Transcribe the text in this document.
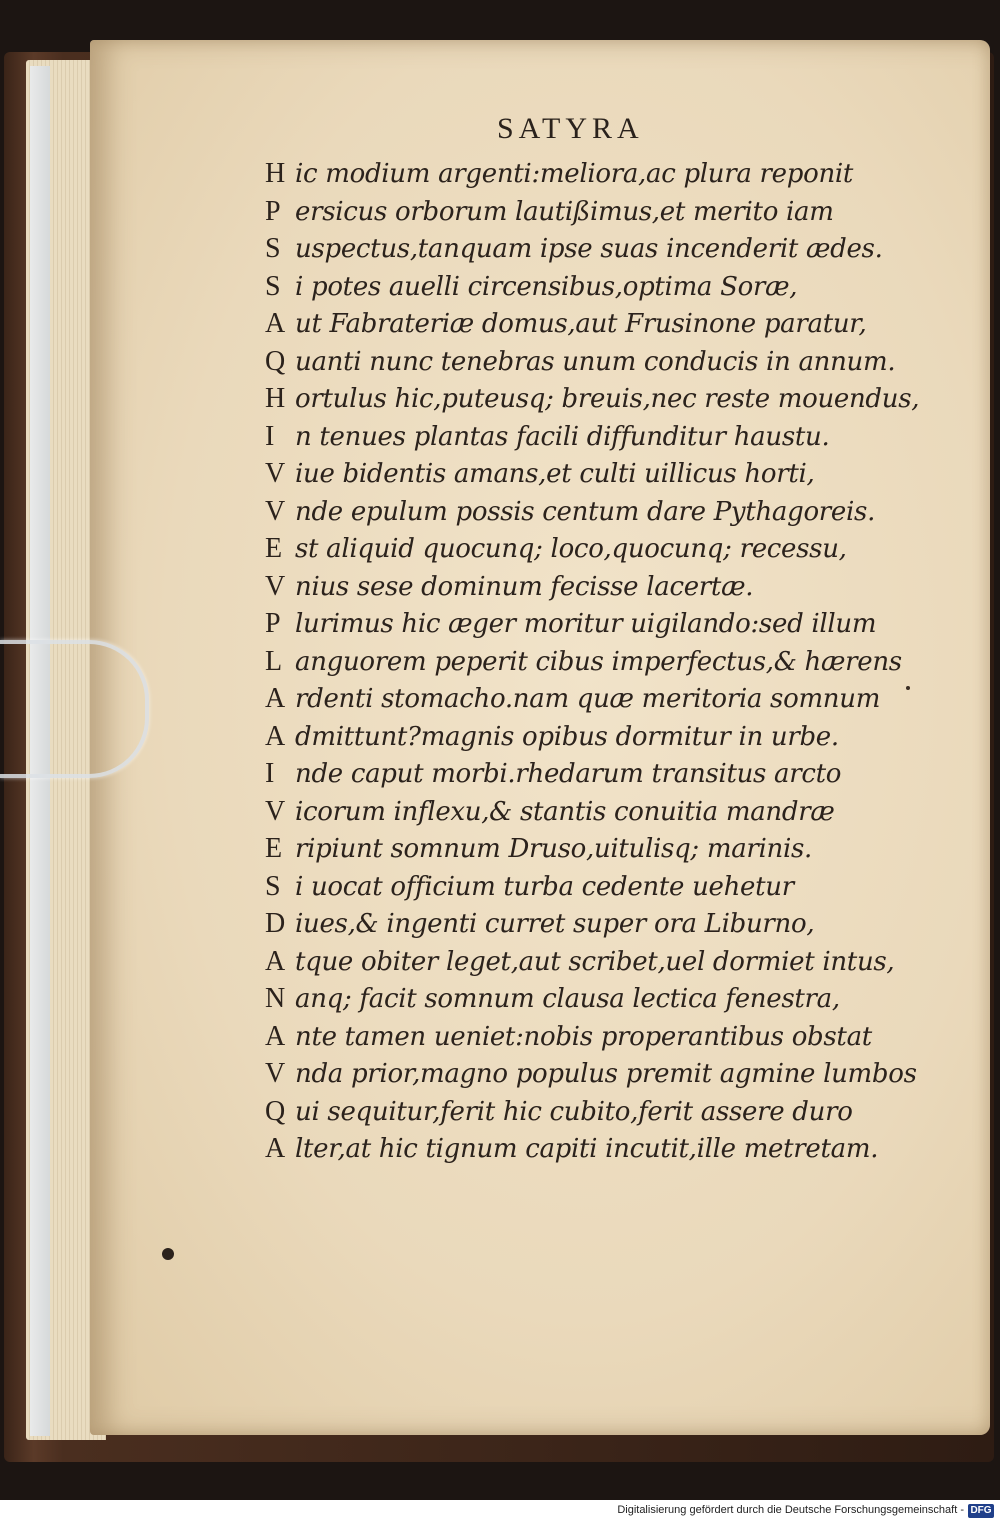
SATYRA
H ic modium argenti:meliora,ac plura reponit
P ersicus orborum lautißimus,et merito iam
S uspectus,tanquam ipse suas incenderit ædes.
S i potes auelli circensibus,optima Soræ,
A ut Fabrateriæ domus,aut Frusinone paratur,
Q uanti nunc tenebras unum conducis in annum.
H ortulus hic,puteusq; breuis,nec reste mouendus,
I n tenues plantas facili diffunditur haustu.
V iue bidentis amans,et culti uillicus horti,
V nde epulum possis centum dare Pythagoreis.
E st aliquid quocunq; loco,quocunq; recessu,
V nius sese dominum fecisse lacertæ.
P lurimus hic æger moritur uigilando:sed illum
L anguorem peperit cibus imperfectus,& hærens
A rdenti stomacho.nam quæ meritoria somnum
A dmittunt?magnis opibus dormitur in urbe.
I nde caput morbi.rhedarum transitus arcto
V icorum inflexu,& stantis conuitia mandræ
E ripiunt somnum Druso,uitulisq; marinis.
S i uocat officium turba cedente uehetur
D iues,& ingenti curret super ora Liburno,
A tque obiter leget,aut scribet,uel dormiet intus,
N anq; facit somnum clausa lectica fenestra,
A nte tamen ueniet:nobis properantibus obstat
V nda prior,magno populus premit agmine lumbos
Q ui sequitur,ferit hic cubito,ferit assere duro
A lter,at hic tignum capiti incutit,ille metretam.
Digitalisierung gefördert durch die Deutsche Forschungsgemeinschaft - DFG
